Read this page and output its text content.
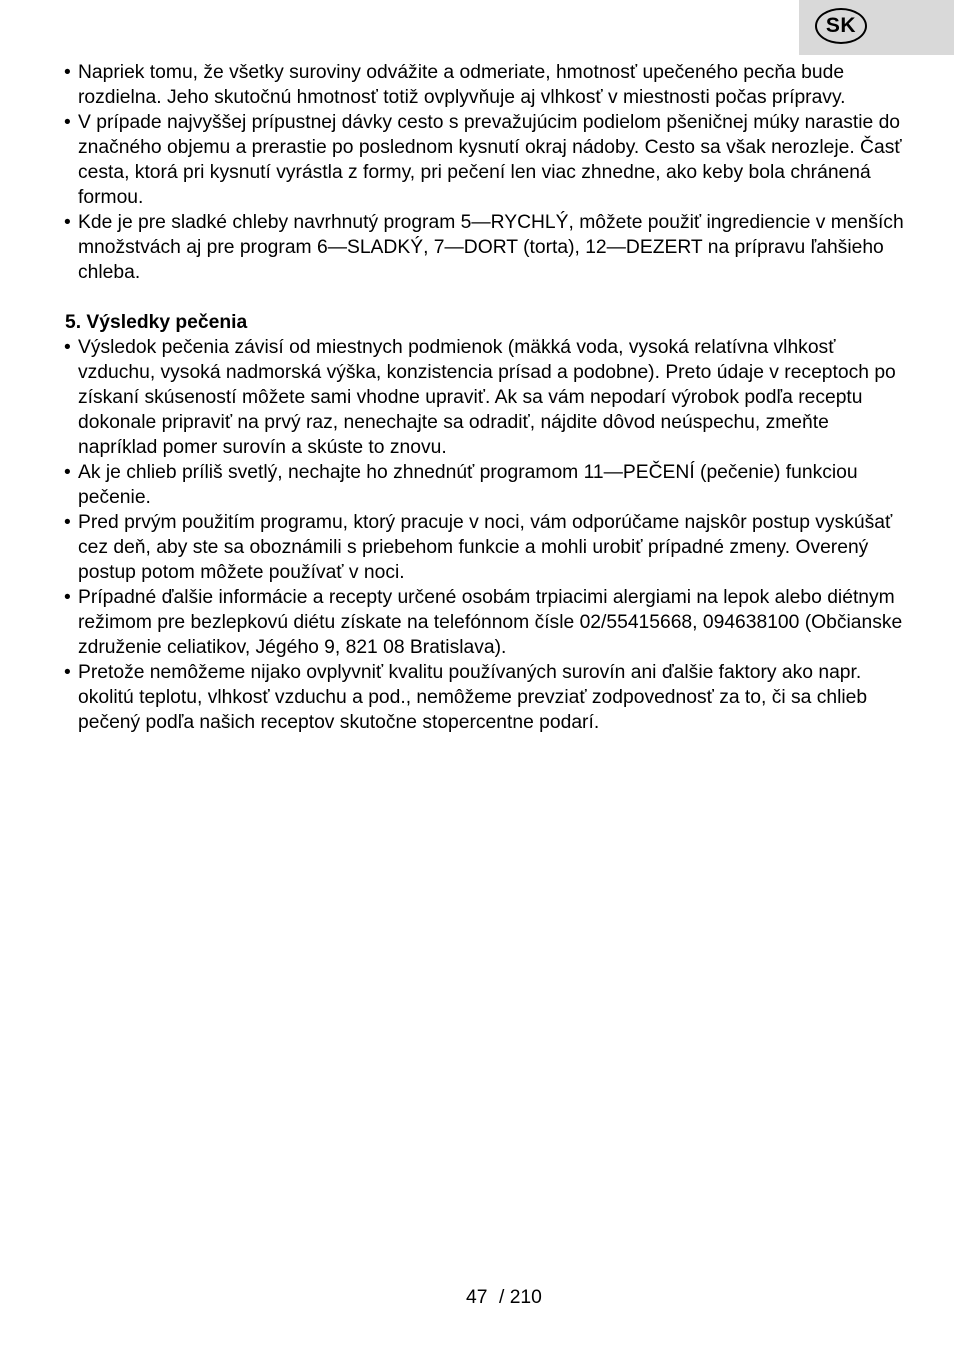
SK
• Napriek tomu, že všetky suroviny odvážite a odmeriate, hmotnosť upečeného pecňa bude rozdielna. Jeho skutočnú hmotnosť totiž ovplyvňuje aj vlhkosť v miestnosti počas prípravy.
• V prípade najvyššej prípustnej dávky cesto s prevažujúcim podielom pšeničnej múky narastie do značného objemu a prerastie po poslednom kysnutí okraj nádoby. Cesto sa však nerozleje. Časť cesta, ktorá pri kysnutí vyrástla z formy, pri pečení len viac zhnedne, ako keby bola chránená formou.
• Kde je pre sladké chleby navrhnutý program 5—RYCHLÝ, môžete použiť ingrediencie v menších množstvách aj pre program 6—SLADKÝ, 7—DORT (torta), 12—DEZERT na prípravu ľahšieho chleba.
5. Výsledky pečenia
• Výsledok pečenia závisí od miestnych podmienok (mäkká voda, vysoká relatívna vlhkosť vzduchu, vysoká nadmorská výška, konzistencia prísad a podobne). Preto údaje v receptoch po získaní skúseností môžete sami vhodne upraviť. Ak sa vám nepodarí výrobok podľa receptu dokonale pripraviť na prvý raz, nenechajte sa odradiť, nájdite dôvod neúspechu, zmeňte napríklad pomer surovín a skúste to znovu.
• Ak je chlieb príliš svetlý, nechajte ho zhnednúť programom 11—PEČENÍ (pečenie) funkciou pečenie.
• Pred prvým použitím programu, ktorý pracuje v noci, vám odporúčame najskôr postup vyskúšať cez deň, aby ste sa oboznámili s priebehom funkcie a mohli urobiť prípadné zmeny. Overený postup potom môžete používať v noci.
• Prípadné ďalšie informácie a recepty určené osobám trpiacimi alergiami na lepok alebo diétnym režimom pre bezlepkovú diétu získate na telefónnom čísle 02/55415668, 094638100 (Občianske združenie celiatikov, Jégého 9, 821 08 Bratislava).
• Pretože nemôžeme nijako ovplyvniť kvalitu používaných surovín ani ďalšie faktory ako napr. okolitú teplotu, vlhkosť vzduchu a pod., nemôžeme prevziať zodpovednosť za to, či sa chlieb pečený podľa našich receptov skutočne stopercentne podarí.
47 / 210
